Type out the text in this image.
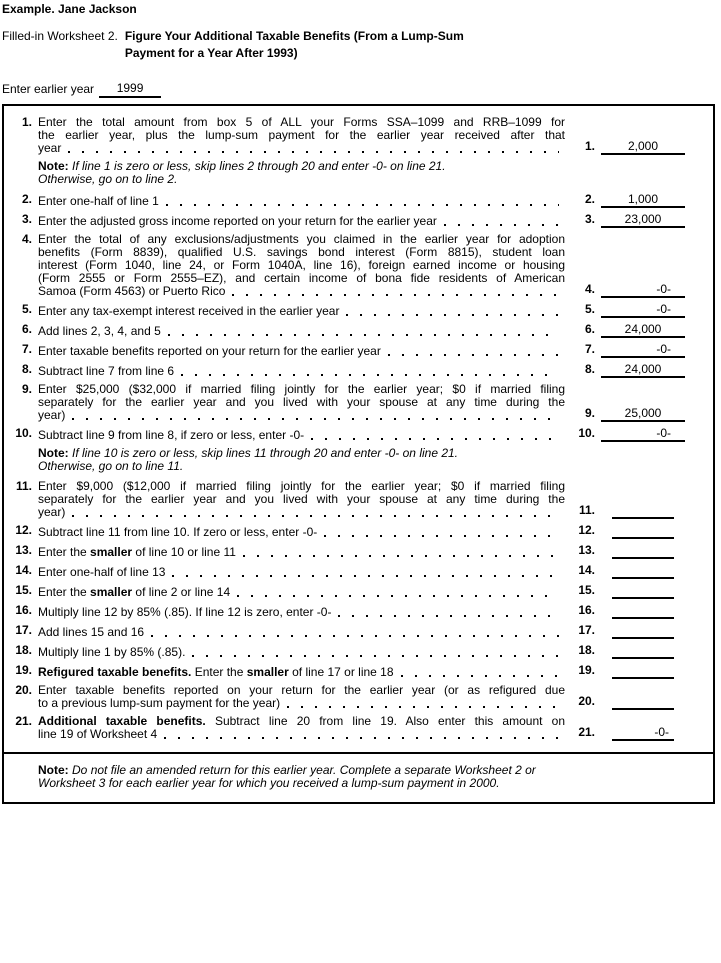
Example. Jane Jackson
Filled-in Worksheet 2. Figure Your Additional Taxable Benefits (From a Lump-Sum
Payment for a Year After 1993)
Enter earlier year 1999
1. Enter the total amount from box 5 of ALL your Forms SSA–1099 and RRB–1099 for
the earlier year, plus the lump-sum payment for the earlier year received after that
year	1.	2,000
Note: If line 1 is zero or less, skip lines 2 through 20 and enter -0- on line 21.
Otherwise, go on to line 2.
2. Enter one-half of line 1	2.	1,000
3. Enter the adjusted gross income reported on your return for the earlier year	3.	23,000
4. Enter the total of any exclusions/adjustments you claimed in the earlier year for adoption
benefits (Form 8839), qualified U.S. savings bond interest (Form 8815), student loan
interest (Form 1040, line 24, or Form 1040A, line 16), foreign earned income or housing
(Form 2555 or Form 2555–EZ), and certain income of bona fide residents of American
Samoa (Form 4563) or Puerto Rico	4.	-0-
5. Enter any tax-exempt interest received in the earlier year	5.	-0-
6. Add lines 2, 3, 4, and 5	6.	24,000
7. Enter taxable benefits reported on your return for the earlier year	7.	-0-
8. Subtract line 7 from line 6	8.	24,000
9. Enter $25,000 ($32,000 if married filing jointly for the earlier year; $0 if married filing
separately for the earlier year and you lived with your spouse at any time during the
year)	9.	25,000
10. Subtract line 9 from line 8, if zero or less, enter -0-	10.	-0-
Note: If line 10 is zero or less, skip lines 11 through 20 and enter -0- on line 21.
Otherwise, go on to line 11.
11. Enter $9,000 ($12,000 if married filing jointly for the earlier year; $0 if married filing
separately for the earlier year and you lived with your spouse at any time during the
year)	11.

12. Subtract line 11 from line 10. If zero or less, enter -0-	12.

13. Enter the smaller of line 10 or line 11	13.

14. Enter one-half of line 13	14.

15. Enter the smaller of line 2 or line 14	15.

16. Multiply line 12 by 85% (.85). If line 12 is zero, enter -0-	16.

17. Add lines 15 and 16	17.

18. Multiply line 1 by 85% (.85).	18.

19. Refigured taxable benefits. Enter the smaller of line 17 or line 18	19.

20. Enter taxable benefits reported on your return for the earlier year (or as refigured due
to a previous lump-sum payment for the year)	20.

21. Additional taxable benefits. Subtract line 20 from line 19. Also enter this amount on
line 19 of Worksheet 4	21.	-0-
Note: Do not file an amended return for this earlier year. Complete a separate Worksheet 2 or
Worksheet 3 for each earlier year for which you received a lump-sum payment in 2000.
